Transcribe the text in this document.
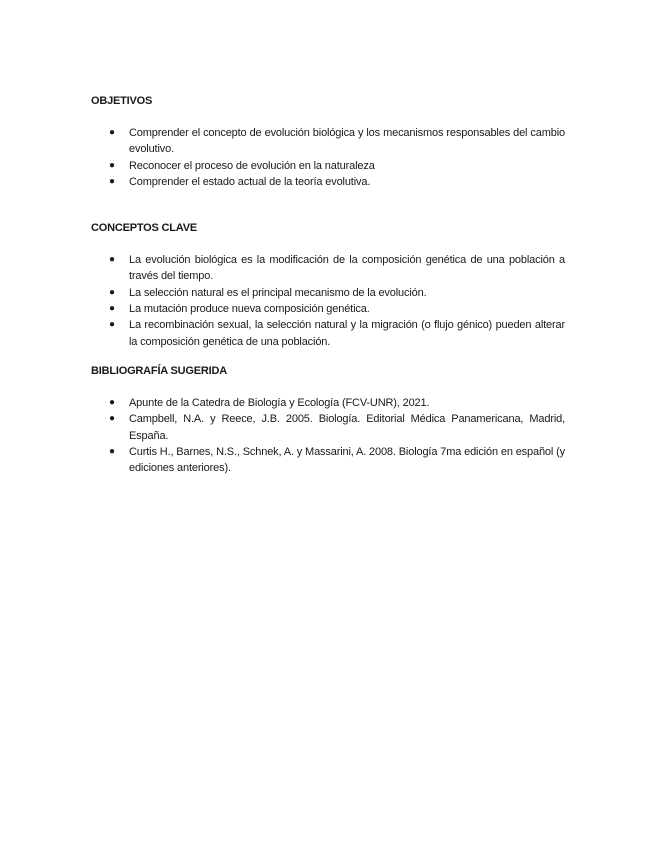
OBJETIVOS
● Comprender el concepto de evolución biológica y los mecanismos responsables del cambio evolutivo.
● Reconocer el proceso de evolución en la naturaleza
● Comprender el estado actual de la teoría evolutiva.
CONCEPTOS CLAVE
● La evolución biológica es la modificación de la composición genética de una población a través del tiempo.
● La selección natural es el principal mecanismo de la evolución.
● La mutación produce nueva composición genética.
● La recombinación sexual, la selección natural y la migración (o flujo génico) pueden alterar la composición genética de una población.
BIBLIOGRAFÍA SUGERIDA
● Apunte de la Catedra de Biología y Ecología (FCV-UNR), 2021.
● Campbell, N.A. y Reece, J.B. 2005. Biología. Editorial Médica Panamericana, Madrid, España.
● Curtis H., Barnes, N.S., Schnek, A. y Massarini, A. 2008. Biología 7ma edición en español (y ediciones anteriores).
